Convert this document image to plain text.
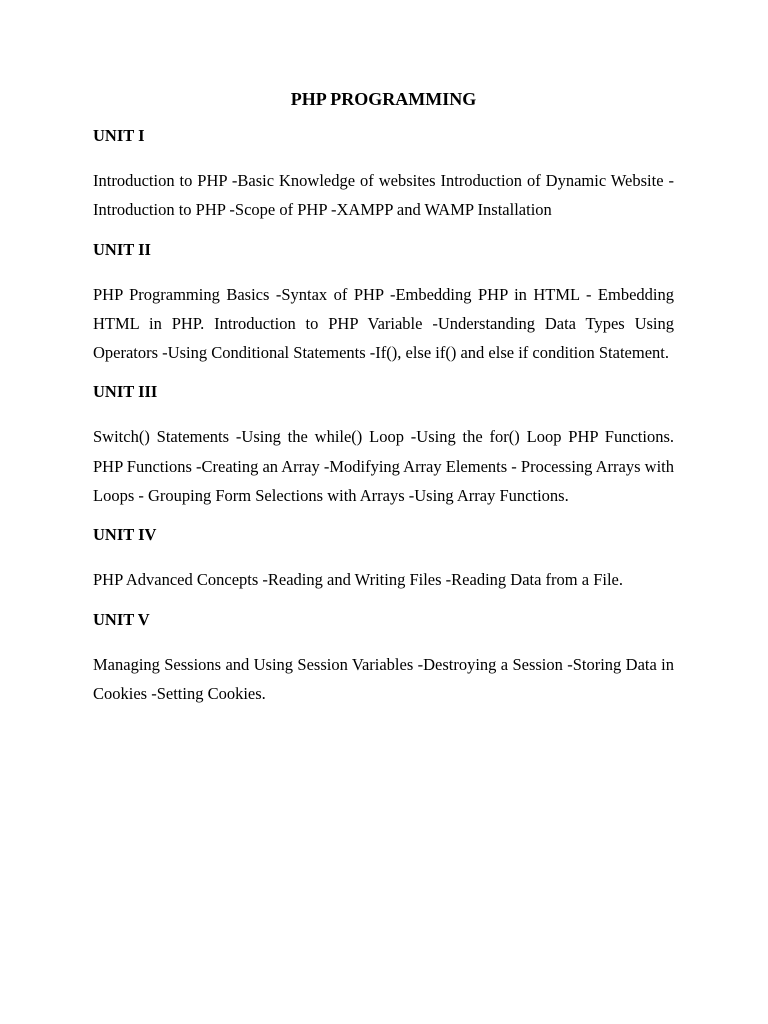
PHP PROGRAMMING
UNIT I

Introduction to PHP -Basic Knowledge of websites Introduction of Dynamic Website -Introduction to PHP -Scope of PHP -XAMPP and WAMP Installation

UNIT II

PHP Programming Basics -Syntax of PHP -Embedding PHP in HTML - Embedding HTML in PHP. Introduction to PHP Variable -Understanding Data Types Using Operators -Using Conditional Statements -If(), else if() and else if condition Statement.

UNIT III

Switch() Statements -Using the while() Loop -Using the for() Loop PHP Functions. PHP Functions -Creating an Array -Modifying Array Elements - Processing Arrays with Loops - Grouping Form Selections with Arrays -Using Array Functions.

UNIT IV

PHP Advanced Concepts -Reading and Writing Files -Reading Data from a File.

UNIT V

Managing Sessions and Using Session Variables -Destroying a Session -Storing Data in Cookies -Setting Cookies.
